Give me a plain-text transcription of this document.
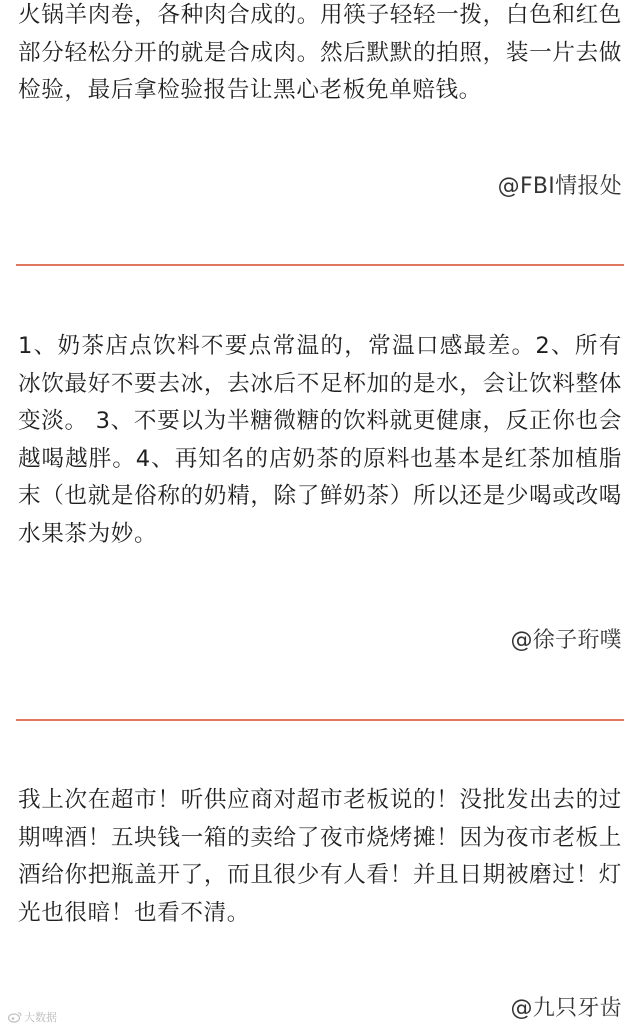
火锅羊肉卷，各种肉合成的。用筷子轻轻一拨，白色和红色部分轻松分开的就是合成肉。然后默默的拍照，装一片去做检验，最后拿检验报告让黑心老板免单赔钱。

@FBI情报处

1、奶茶店点饮料不要点常温的，常温口感最差。2、所有冰饮最好不要去冰，去冰后不足杯加的是水，会让饮料整体变淡。 3、不要以为半糖微糖的饮料就更健康，反正你也会越喝越胖。4、再知名的店奶茶的原料也基本是红茶加植脂末（也就是俗称的奶精，除了鲜奶茶）所以还是少喝或改喝水果茶为妙。

@徐子珩噗

我上次在超市！听供应商对超市老板说的！没批发出去的过期啤酒！五块钱一箱的卖给了夜市烧烤摊！因为夜市老板上酒给你把瓶盖开了，而且很少有人看！并且日期被磨过！灯光也很暗！也看不清。

@九只牙齿
大数据
